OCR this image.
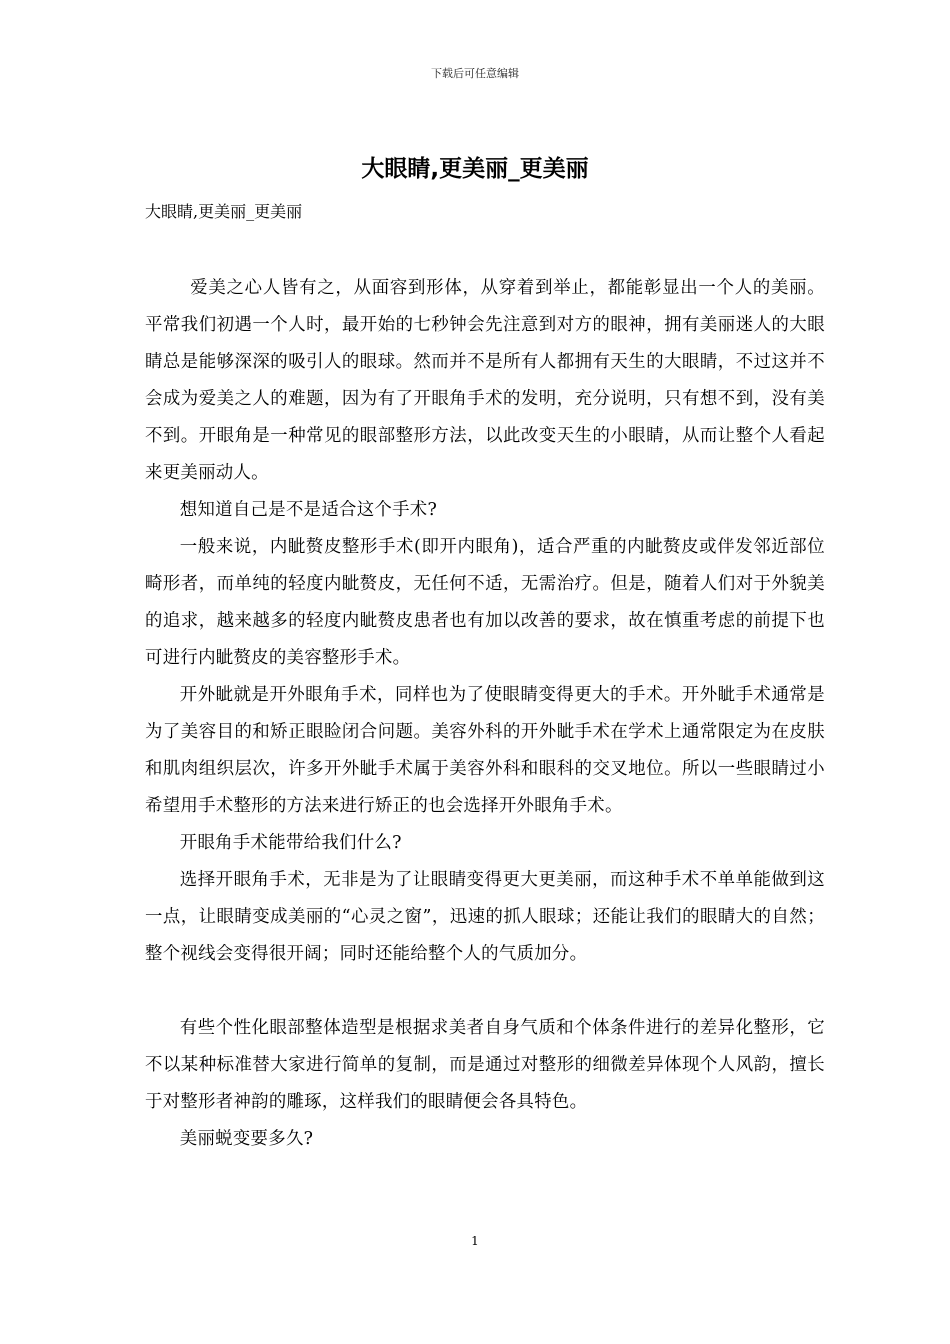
下载后可任意编辑
大眼睛,更美丽_更美丽
大眼睛,更美丽_更美丽

爱美之心人皆有之，从面容到形体，从穿着到举止，都能彰显出一个人的美丽。平常我们初遇一个人时，最开始的七秒钟会先注意到对方的眼神，拥有美丽迷人的大眼睛总是能够深深的吸引人的眼球。然而并不是所有人都拥有天生的大眼睛，不过这并不会成为爱美之人的难题，因为有了开眼角手术的发明，充分说明，只有想不到，没有美不到。开眼角是一种常见的眼部整形方法，以此改变天生的小眼睛，从而让整个人看起来更美丽动人。

想知道自己是不是适合这个手术?

一般来说，内眦赘皮整形手术(即开内眼角)，适合严重的内眦赘皮或伴发邻近部位畸形者，而单纯的轻度内眦赘皮，无任何不适，无需治疗。但是，随着人们对于外貌美的追求，越来越多的轻度内眦赘皮患者也有加以改善的要求，故在慎重考虑的前提下也可进行内眦赘皮的美容整形手术。

开外眦就是开外眼角手术，同样也为了使眼睛变得更大的手术。开外眦手术通常是为了美容目的和矫正眼睑闭合问题。美容外科的开外眦手术在学术上通常限定为在皮肤和肌肉组织层次，许多开外眦手术属于美容外科和眼科的交叉地位。所以一些眼睛过小希望用手术整形的方法来进行矫正的也会选择开外眼角手术。

开眼角手术能带给我们什么?

选择开眼角手术，无非是为了让眼睛变得更大更美丽，而这种手术不单单能做到这一点，让眼睛变成美丽的“心灵之窗”，迅速的抓人眼球；还能让我们的眼睛大的自然；整个视线会变得很开阔；同时还能给整个人的气质加分。

有些个性化眼部整体造型是根据求美者自身气质和个体条件进行的差异化整形，它不以某种标准替大家进行简单的复制，而是通过对整形的细微差异体现个人风韵，擅长于对整形者神韵的雕琢，这样我们的眼睛便会各具特色。

美丽蜕变要多久?

1
